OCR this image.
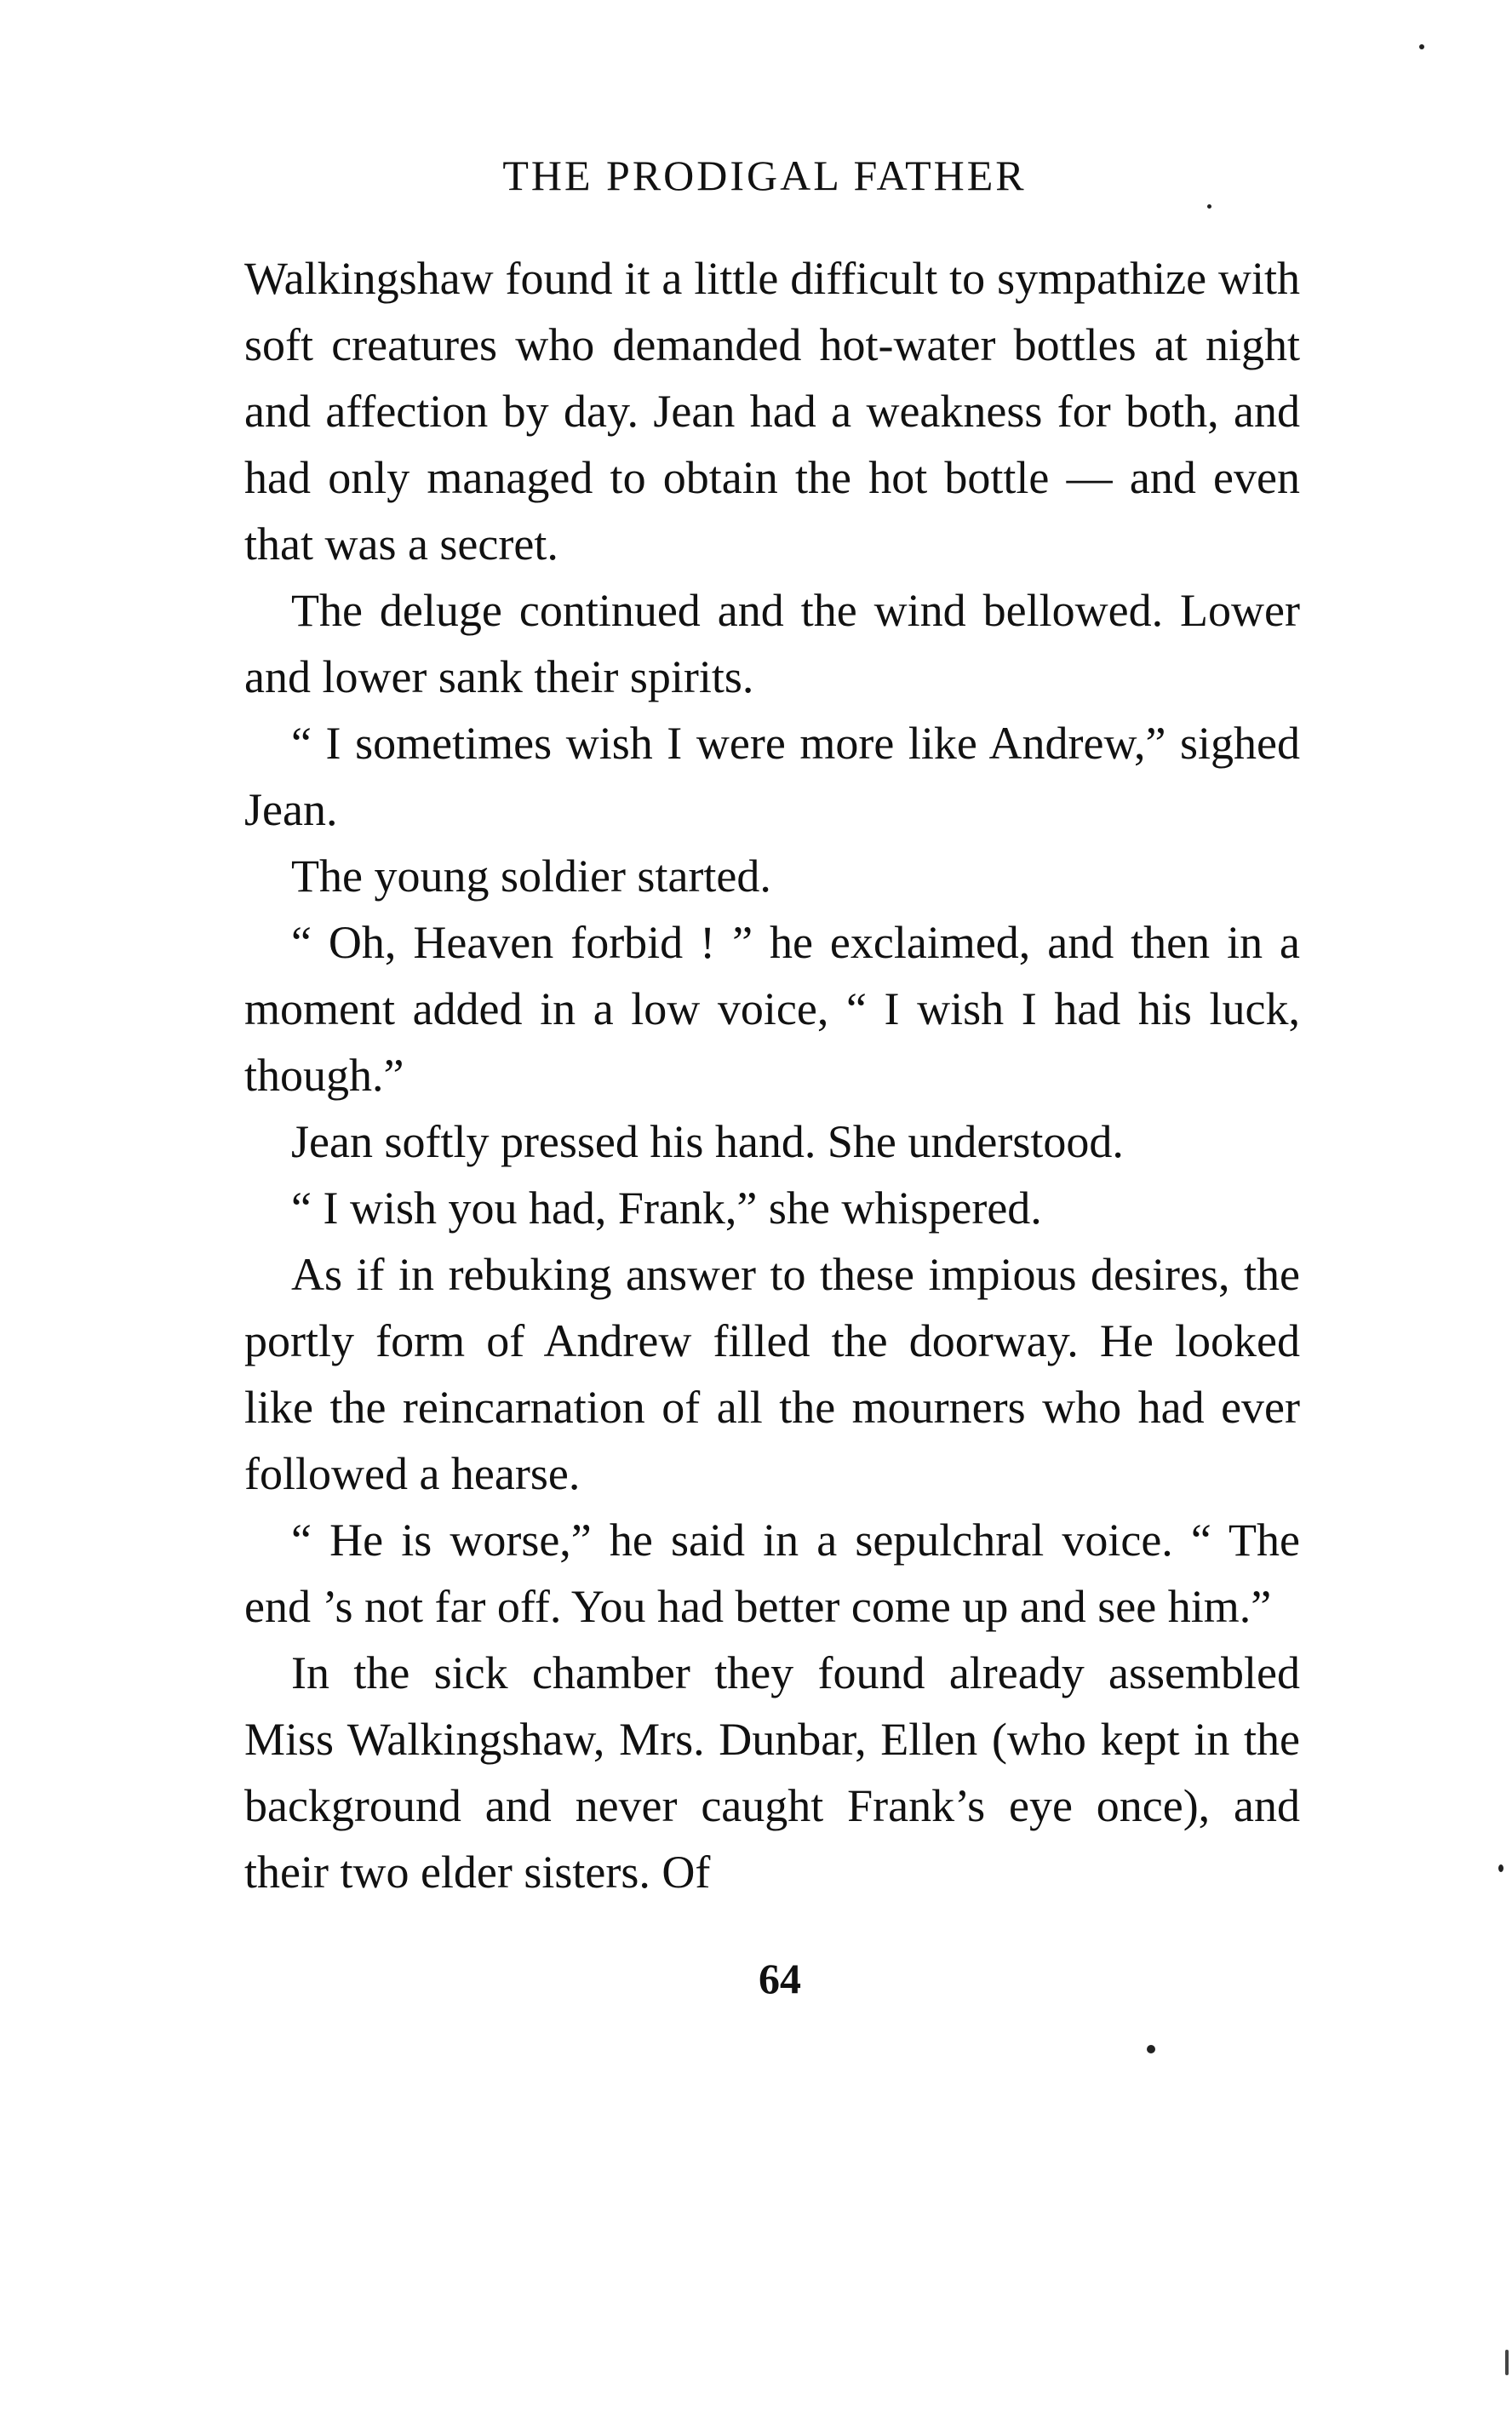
THE PRODIGAL FATHER

Walkingshaw found it a little difficult to sympathize with soft creatures who demanded hot-water bottles at night and affection by day. Jean had a weakness for both, and had only managed to obtain the hot bottle — and even that was a secret.

The deluge continued and the wind bellowed. Lower and lower sank their spirits.

“ I sometimes wish I were more like Andrew,” sighed Jean.

The young soldier started.

“ Oh, Heaven forbid ! ” he exclaimed, and then in a moment added in a low voice, “ I wish I had his luck, though.”

Jean softly pressed his hand. She understood.

“ I wish you had, Frank,” she whispered.

As if in rebuking answer to these impious desires, the portly form of Andrew filled the doorway. He looked like the reincarnation of all the mourners who had ever followed a hearse.

“ He is worse,” he said in a sepulchral voice. “ The end ’s not far off. You had better come up and see him.”

In the sick chamber they found already assembled Miss Walkingshaw, Mrs. Dunbar, Ellen (who kept in the background and never caught Frank’s eye once), and their two elder sisters. Of

64
